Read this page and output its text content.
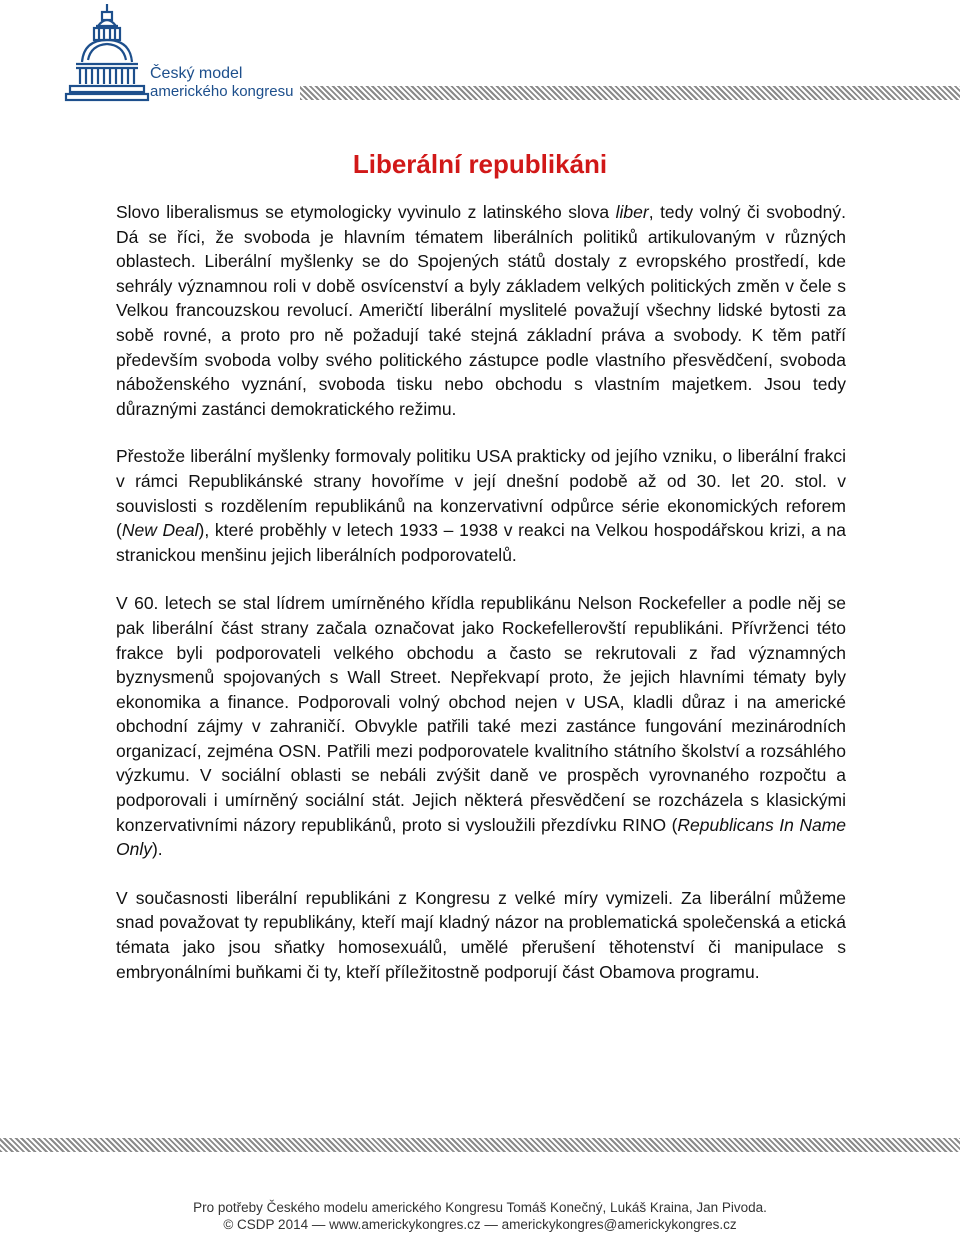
Český model
amerického kongresu
Liberální republikáni

Slovo liberalismus se etymologicky vyvinulo z latinského slova liber, tedy volný či svobodný. Dá se říci, že svoboda je hlavním tématem liberálních politiků artikulovaným v různých oblastech. Liberální myšlenky se do Spojených států dostaly z evropského prostředí, kde sehrály významnou roli v době osvícenství a byly základem velkých politických změn v čele s Velkou francouzskou revolucí. Američtí liberální myslitelé považují všechny lidské bytosti za sobě rovné, a proto pro ně požadují také stejná základní práva a svobody. K těm patří především svoboda volby svého politického zástupce podle vlastního přesvědčení, svoboda náboženského vyznání, svoboda tisku nebo obchodu s vlastním majetkem. Jsou tedy důraznými zastánci demokratického režimu.

Přestože liberální myšlenky formovaly politiku USA prakticky od jejího vzniku, o liberální frakci v rámci Republikánské strany hovoříme v její dnešní podobě až od 30. let 20. stol. v souvislosti s rozdělením republikánů na konzervativní odpůrce série ekonomických reforem (New Deal), které proběhly v letech 1933 – 1938 v reakci na Velkou hospodářskou krizi, a na stranickou menšinu jejich liberálních podporovatelů.

V 60. letech se stal lídrem umírněného křídla republikánu Nelson Rockefeller a podle něj se pak liberální část strany začala označovat jako Rockefellerovští republikáni. Přívrženci této frakce byli podporovateli velkého obchodu a často se rekrutovali z řad významných byznysmenů spojovaných s Wall Street. Nepřekvapí proto, že jejich hlavními tématy byly ekonomika a finance. Podporovali volný obchod nejen v USA, kladli důraz i na americké obchodní zájmy v zahraničí. Obvykle patřili také mezi zastánce fungování mezinárodních organizací, zejména OSN. Patřili mezi podporovatele kvalitního státního školství a rozsáhlého výzkumu. V sociální oblasti se nebáli zvýšit daně ve prospěch vyrovnaného rozpočtu a podporovali i umírněný sociální stát. Jejich některá přesvědčení se rozcházela s klasickými konzervativními názory republikánů, proto si vysloužili přezdívku RINO (Republicans In Name Only).

V současnosti liberální republikáni z Kongresu z velké míry vymizeli. Za liberální můžeme snad považovat ty republikány, kteří mají kladný názor na problematická společenská a etická témata jako jsou sňatky homosexuálů, umělé přerušení těhotenství či manipulace s embryonálními buňkami či ty, kteří příležitostně podporují část Obamova programu.

Pro potřeby Českého modelu amerického Kongresu Tomáš Konečný, Lukáš Kraina, Jan Pivoda.
© CSDP 2014 — www.americkykongres.cz — americkykongres@americkykongres.cz
